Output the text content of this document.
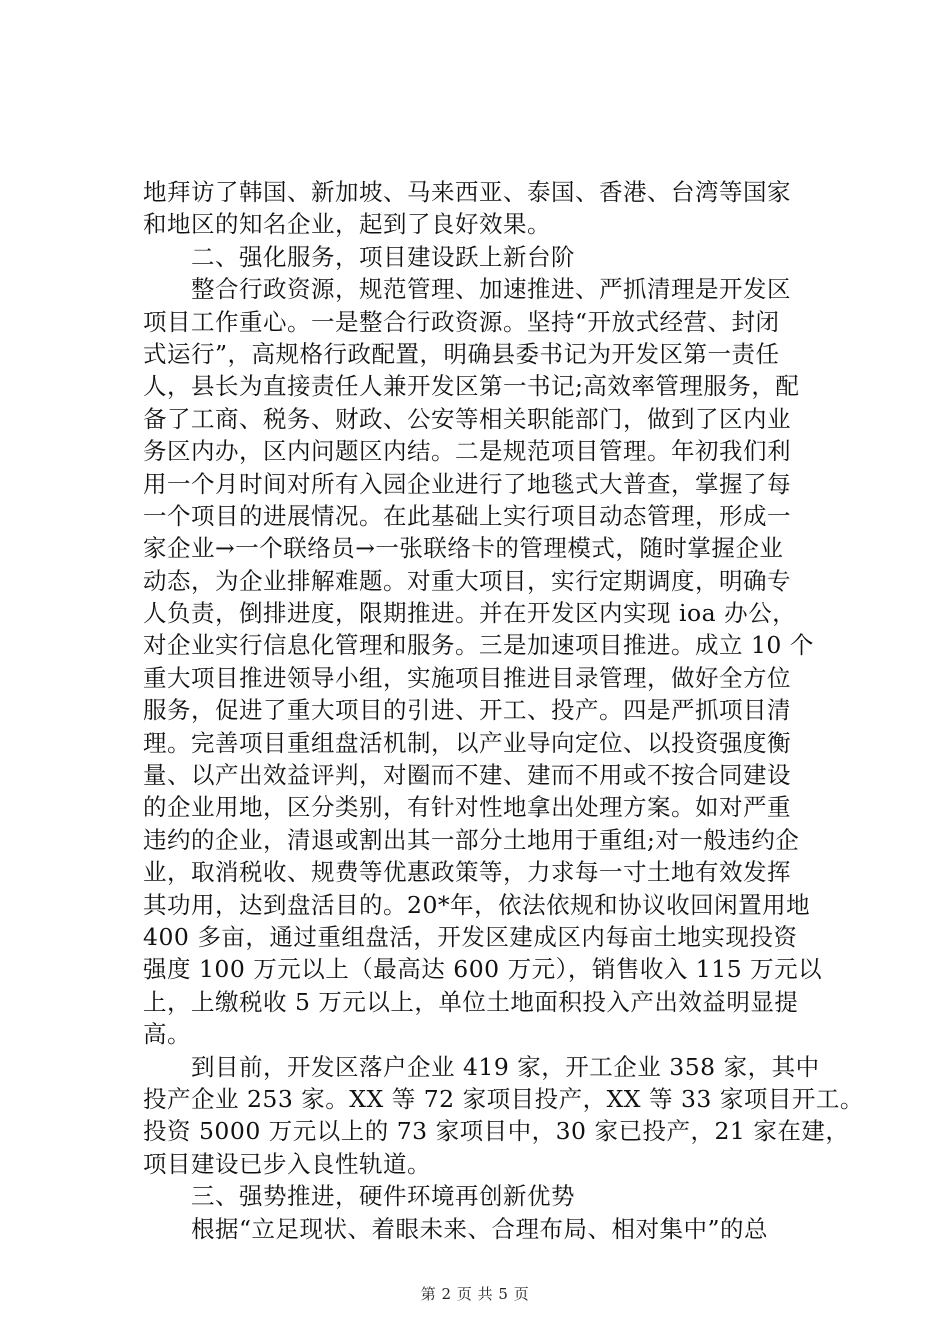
地拜访了韩国、新加坡、马来西亚、泰国、香港、台湾等国家
和地区的知名企业，起到了良好效果。
　　二、强化服务，项目建设跃上新台阶
　　整合行政资源，规范管理、加速推进、严抓清理是开发区
项目工作重心。一是整合行政资源。坚持“开放式经营、封闭
式运行”，高规格行政配置，明确县委书记为开发区第一责任
人，县长为直接责任人兼开发区第一书记;高效率管理服务，配
备了工商、税务、财政、公安等相关职能部门，做到了区内业
务区内办，区内问题区内结。二是规范项目管理。年初我们利
用一个月时间对所有入园企业进行了地毯式大普查，掌握了每
一个项目的进展情况。在此基础上实行项目动态管理，形成一
家企业→一个联络员→一张联络卡的管理模式，随时掌握企业
动态，为企业排解难题。对重大项目，实行定期调度，明确专
人负责，倒排进度，限期推进。并在开发区内实现 ioa 办公，
对企业实行信息化管理和服务。三是加速项目推进。成立 10 个
重大项目推进领导小组，实施项目推进目录管理，做好全方位
服务，促进了重大项目的引进、开工、投产。四是严抓项目清
理。完善项目重组盘活机制，以产业导向定位、以投资强度衡
量、以产出效益评判，对圈而不建、建而不用或不按合同建设
的企业用地，区分类别，有针对性地拿出处理方案。如对严重
违约的企业，清退或割出其一部分土地用于重组;对一般违约企
业，取消税收、规费等优惠政策等，力求每一寸土地有效发挥
其功用，达到盘活目的。20*年，依法依规和协议收回闲置用地
400 多亩，通过重组盘活，开发区建成区内每亩土地实现投资
强度 100 万元以上（最高达 600 万元），销售收入 115 万元以
上，上缴税收 5 万元以上，单位土地面积投入产出效益明显提
高。
　　到目前，开发区落户企业 419 家，开工企业 358 家，其中
投产企业 253 家。XX 等 72 家项目投产，XX 等 33 家项目开工。
投资 5000 万元以上的 73 家项目中，30 家已投产，21 家在建，
项目建设已步入良性轨道。
　　三、强势推进，硬件环境再创新优势
　　根据“立足现状、着眼未来、合理布局、相对集中”的总
第 2 页 共 5 页
